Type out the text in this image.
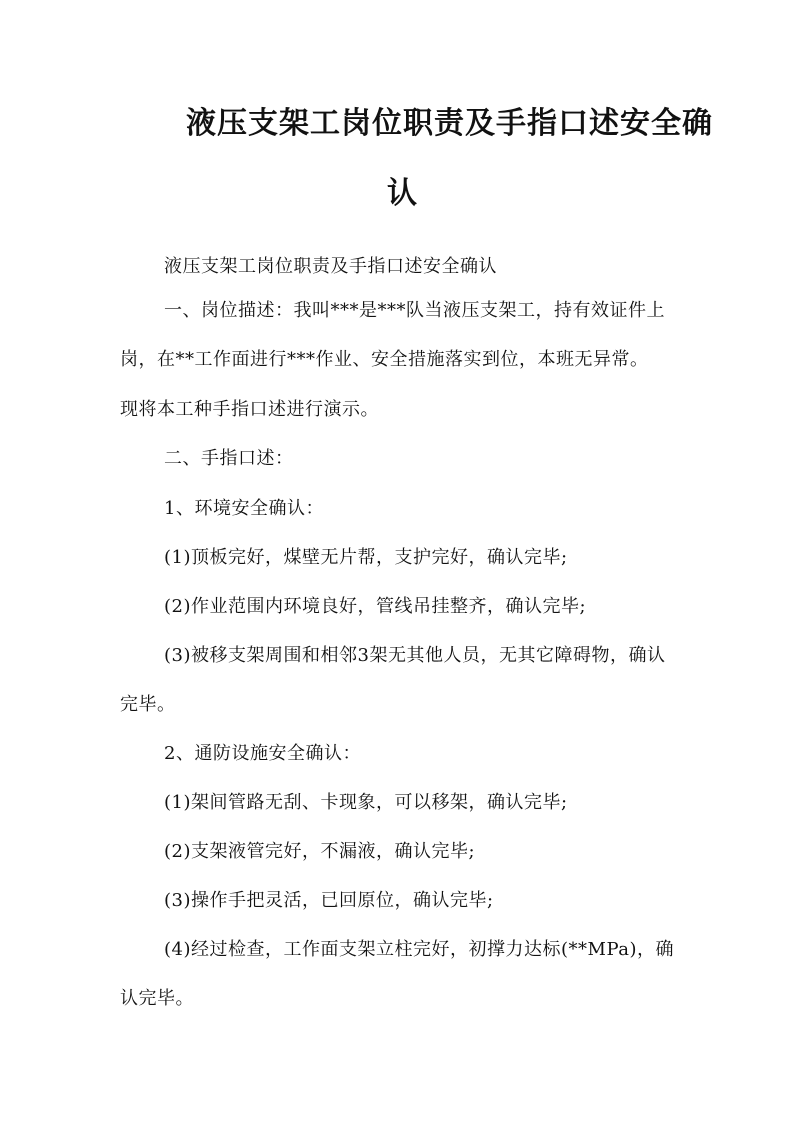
液压支架工岗位职责及手指口述安全确
认
液压支架工岗位职责及手指口述安全确认
一、岗位描述：我叫***是***队当液压支架工，持有效证件上
岗，在**工作面进行***作业、安全措施落实到位，本班无异常。
现将本工种手指口述进行演示。
二、手指口述：
1、环境安全确认：
(1)顶板完好，煤壁无片帮，支护完好，确认完毕;
(2)作业范围内环境良好，管线吊挂整齐，确认完毕;
(3)被移支架周围和相邻3架无其他人员，无其它障碍物，确认
完毕。
2、通防设施安全确认：
(1)架间管路无刮、卡现象，可以移架，确认完毕;
(2)支架液管完好，不漏液，确认完毕;
(3)操作手把灵活，已回原位，确认完毕;
(4)经过检查，工作面支架立柱完好，初撑力达标(**MPa)，确
认完毕。
